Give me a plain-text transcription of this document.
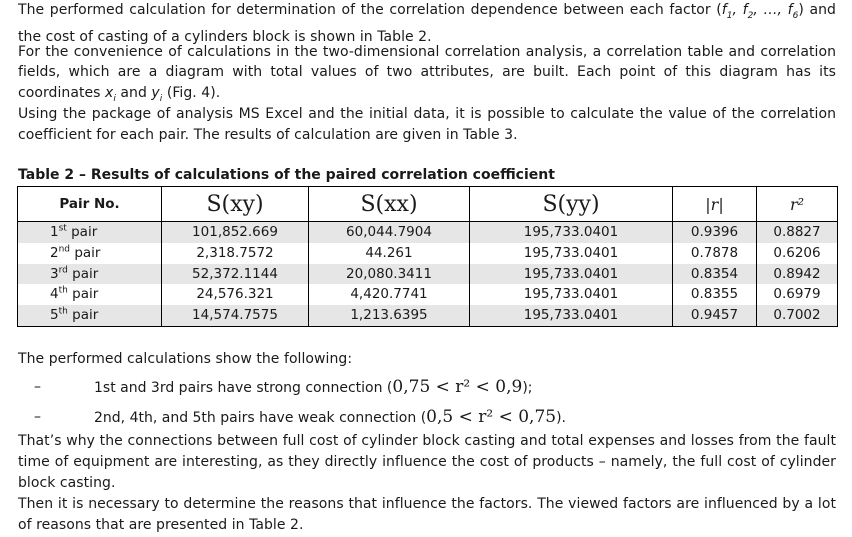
The performed calculation for determination of the correlation dependence between each factor ($f_1$, $f_2$, …, $f_6$) and the cost of casting of a cylinders block is shown in Table 2.

For the convenience of calculations in the two-dimensional correlation analysis, a correlation table and correlation fields, which are a diagram with total values of two attributes, are built. Each point of this diagram has its coordinates $x_i$ and $y_i$ (Fig. 4).

Using the package of analysis MS Excel and the initial data, it is possible to calculate the value of the correlation coefficient for each pair. The results of calculation are given in Table 3.

Table 2 – Results of calculations of the paired correlation coefficient

Pair No.	S(xy)	S(xx)	S(yy)	|r|	r²
1st pair	101,852.669	60,044.7904	195,733.0401	0.9396	0.8827
2nd pair	2,318.7572	44.261	195,733.0401	0.7878	0.6206
3rd pair	52,372.1144	20,080.3411	195,733.0401	0.8354	0.8942
4th pair	24,576.321	4,420.7741	195,733.0401	0.8355	0.6979
5th pair	14,574.7575	1,213.6395	195,733.0401	0.9457	0.7002

The performed calculations show the following:

–	1st and 3rd pairs have strong connection (0,75 < r² < 0,9);
–	2nd, 4th, and 5th pairs have weak connection (0,5 < r² < 0,75).

That’s why the connections between full cost of cylinder block casting and total expenses and losses from the fault time of equipment are interesting, as they directly influence the cost of products – namely, the full cost of cylinder block casting.

Then it is necessary to determine the reasons that influence the factors. The viewed factors are influenced by a lot of reasons that are presented in Table 2.
